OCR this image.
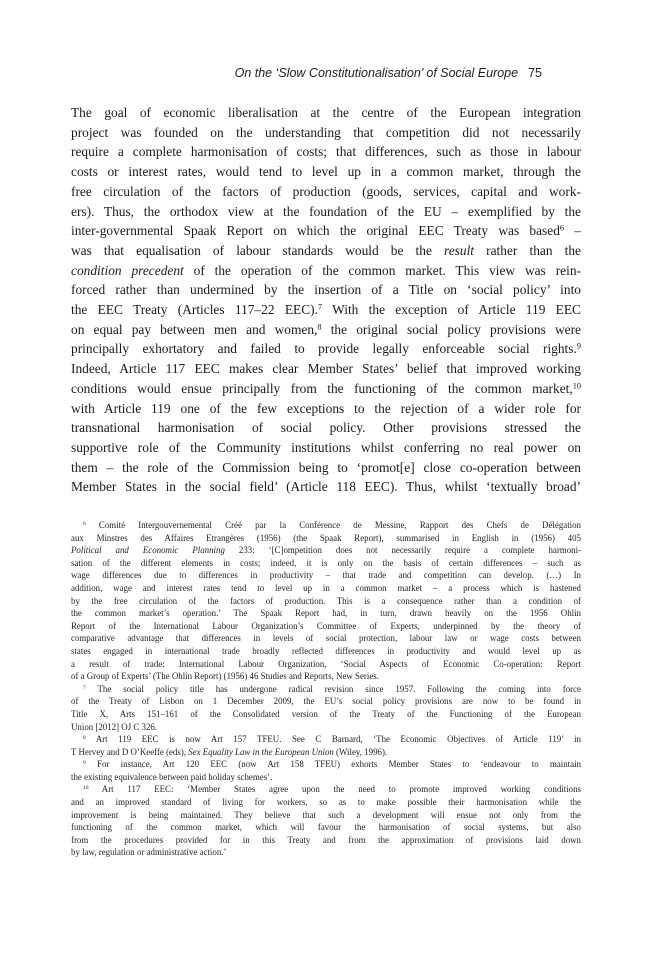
On the ‘Slow Constitutionalisation’ of Social Europe 75
The goal of economic liberalisation at the centre of the European integration
project was founded on the understanding that competition did not necessarily
require a complete harmonisation of costs; that differences, such as those in labour
costs or interest rates, would tend to level up in a common market, through the
free circulation of the factors of production (goods, services, capital and work-
ers). Thus, the orthodox view at the foundation of the EU – exemplified by the
inter-governmental Spaak Report on which the original EEC Treaty was based$^6$ –
was that equalisation of labour standards would be the result rather than the
condition precedent of the operation of the common market. This view was rein-
forced rather than undermined by the insertion of a Title on ‘social policy’ into
the EEC Treaty (Articles 117–22 EEC).$^7$ With the exception of Article 119 EEC
on equal pay between men and women,$^8$ the original social policy provisions were
principally exhortatory and failed to provide legally enforceable social rights.$^9$
Indeed, Article 117 EEC makes clear Member States’ belief that improved working
conditions would ensue principally from the functioning of the common market,$^{10}$
with Article 119 one of the few exceptions to the rejection of a wider role for
transnational harmonisation of social policy. Other provisions stressed the
supportive role of the Community institutions whilst conferring no real power on
them – the role of the Commission being to ‘promot[e] close co-operation between
Member States in the social field’ (Article 118 EEC). Thus, whilst ‘textually broad’
$^6$ Comité Intergouvernemental Créé par la Conférence de Messine, Rapport des Chefs de Délégation
aux Minstres des Affaires Etrangères (1956) (the Spaak Report), summarised in English in (1956) 405
Political and Economic Planning 233: ‘[C]ompetition does not necessarily require a complete harmoni-
sation of the different elements in costs; indeed, it is only on the basis of certain differences – such as
wage differences due to differences in productivity – that trade and competition can develop. (…) In
addition, wage and interest rates tend to level up in a common market – a process which is hastened
by the free circulation of the factors of production. This is a consequence rather than a condition of
the common market’s operation.’ The Spaak Report had, in turn, drawn heavily on the 1956 Ohlin
Report of the International Labour Organization’s Committee of Experts, underpinned by the theory of
comparative advantage that differences in levels of social protection, labour law or wage costs between
states engaged in international trade broadly reflected differences in productivity and would level up as
a result of trade: International Labour Organization, ‘Social Aspects of Economic Co-operation: Report
of a Group of Experts’ (The Ohlin Report) (1956) 46 Studies and Reports, New Series.
$^7$ The social policy title has undergone radical revision since 1957. Following the coming into force
of the Treaty of Lisbon on 1 December 2009, the EU’s social policy provisions are now to be found in
Title X, Arts 151–161 of the Consolidated version of the Treaty of the Functioning of the European
Union [2012] OJ C 326.
$^8$ Art 119 EEC is now Art 157 TFEU. See C Barnard, ‘The Economic Objectives of Article 119’ in
T Hervey and D O’Keeffe (eds), Sex Equality Law in the European Union (Wiley, 1996).
$^9$ For instance, Art 120 EEC (now Art 158 TFEU) exhorts Member States to ‘endeavour to maintain
the existing equivalence between paid holiday schemes’.
$^{10}$ Art 117 EEC: ‘Member States agree upon the need to promote improved working conditions
and an improved standard of living for workers, so as to make possible their harmonisation while the
improvement is being maintained. They believe that such a development will ensue not only from the
functioning of the common market, which will favour the harmonisation of social systems, but also
from the procedures provided for in this Treaty and from the approximation of provisions laid down
by law, regulation or administrative action.’
